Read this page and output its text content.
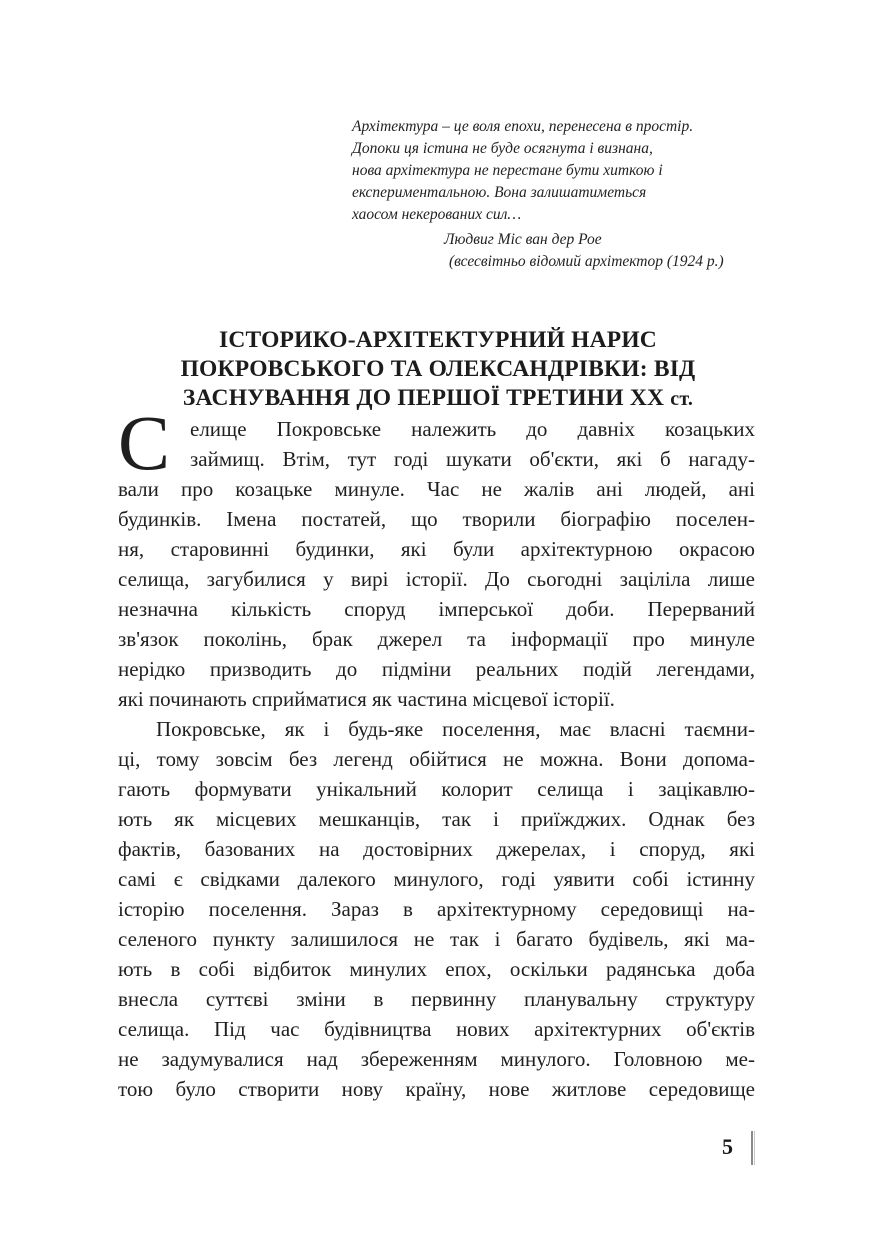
Архітектура – це воля епохи, перенесена в простір.
Допоки ця істина не буде осягнута і визнана,
нова архітектура не перестане бути хиткою і
експериментальною. Вона залишатиметься
хаосом некерованих сил…
Людвиг Міс ван дер Рое
(всесвітньо відомий архітектор (1924 р.)
ІСТОРИКО-АРХІТЕКТУРНИЙ НАРИС
ПОКРОВСЬКОГО ТА ОЛЕКСАНДРІВКИ: ВІД
ЗАСНУВАННЯ ДО ПЕРШОЇ ТРЕТИНИ XX ст.
С елище Покровське належить до давніх козацьких
займищ. Втім, тут годі шукати об'єкти, які б нагаду-
вали про козацьке минуле. Час не жалів ані людей, ані
будинків. Імена постатей, що творили біографію поселен-
ня, старовинні будинки, які були архітектурною окрасою
селища, загубилися у вирі історії. До сьогодні заціліла лише
незначна кількість споруд імперської доби. Перерваний
зв'язок поколінь, брак джерел та інформації про минуле
нерідко призводить до підміни реальних подій легендами,
які починають сприйматися як частина місцевої історії.
Покровське, як і будь-яке поселення, має власні таємни-
ці, тому зовсім без легенд обійтися не можна. Вони допома-
гають формувати унікальний колорит селища і зацікавлю-
ють як місцевих мешканців, так і приїжджих. Однак без
фактів, базованих на достовірних джерелах, і споруд, які
самі є свідками далекого минулого, годі уявити собі істинну
історію поселення. Зараз в архітектурному середовищі на-
селеного пункту залишилося не так і багато будівель, які ма-
ють в собі відбиток минулих епох, оскільки радянська доба
внесла суттєві зміни в первинну планувальну структуру
селища. Під час будівництва нових архітектурних об'єктів
не задумувалися над збереженням минулого. Головною ме-
тою було створити нову країну, нове житлове середовище
5
